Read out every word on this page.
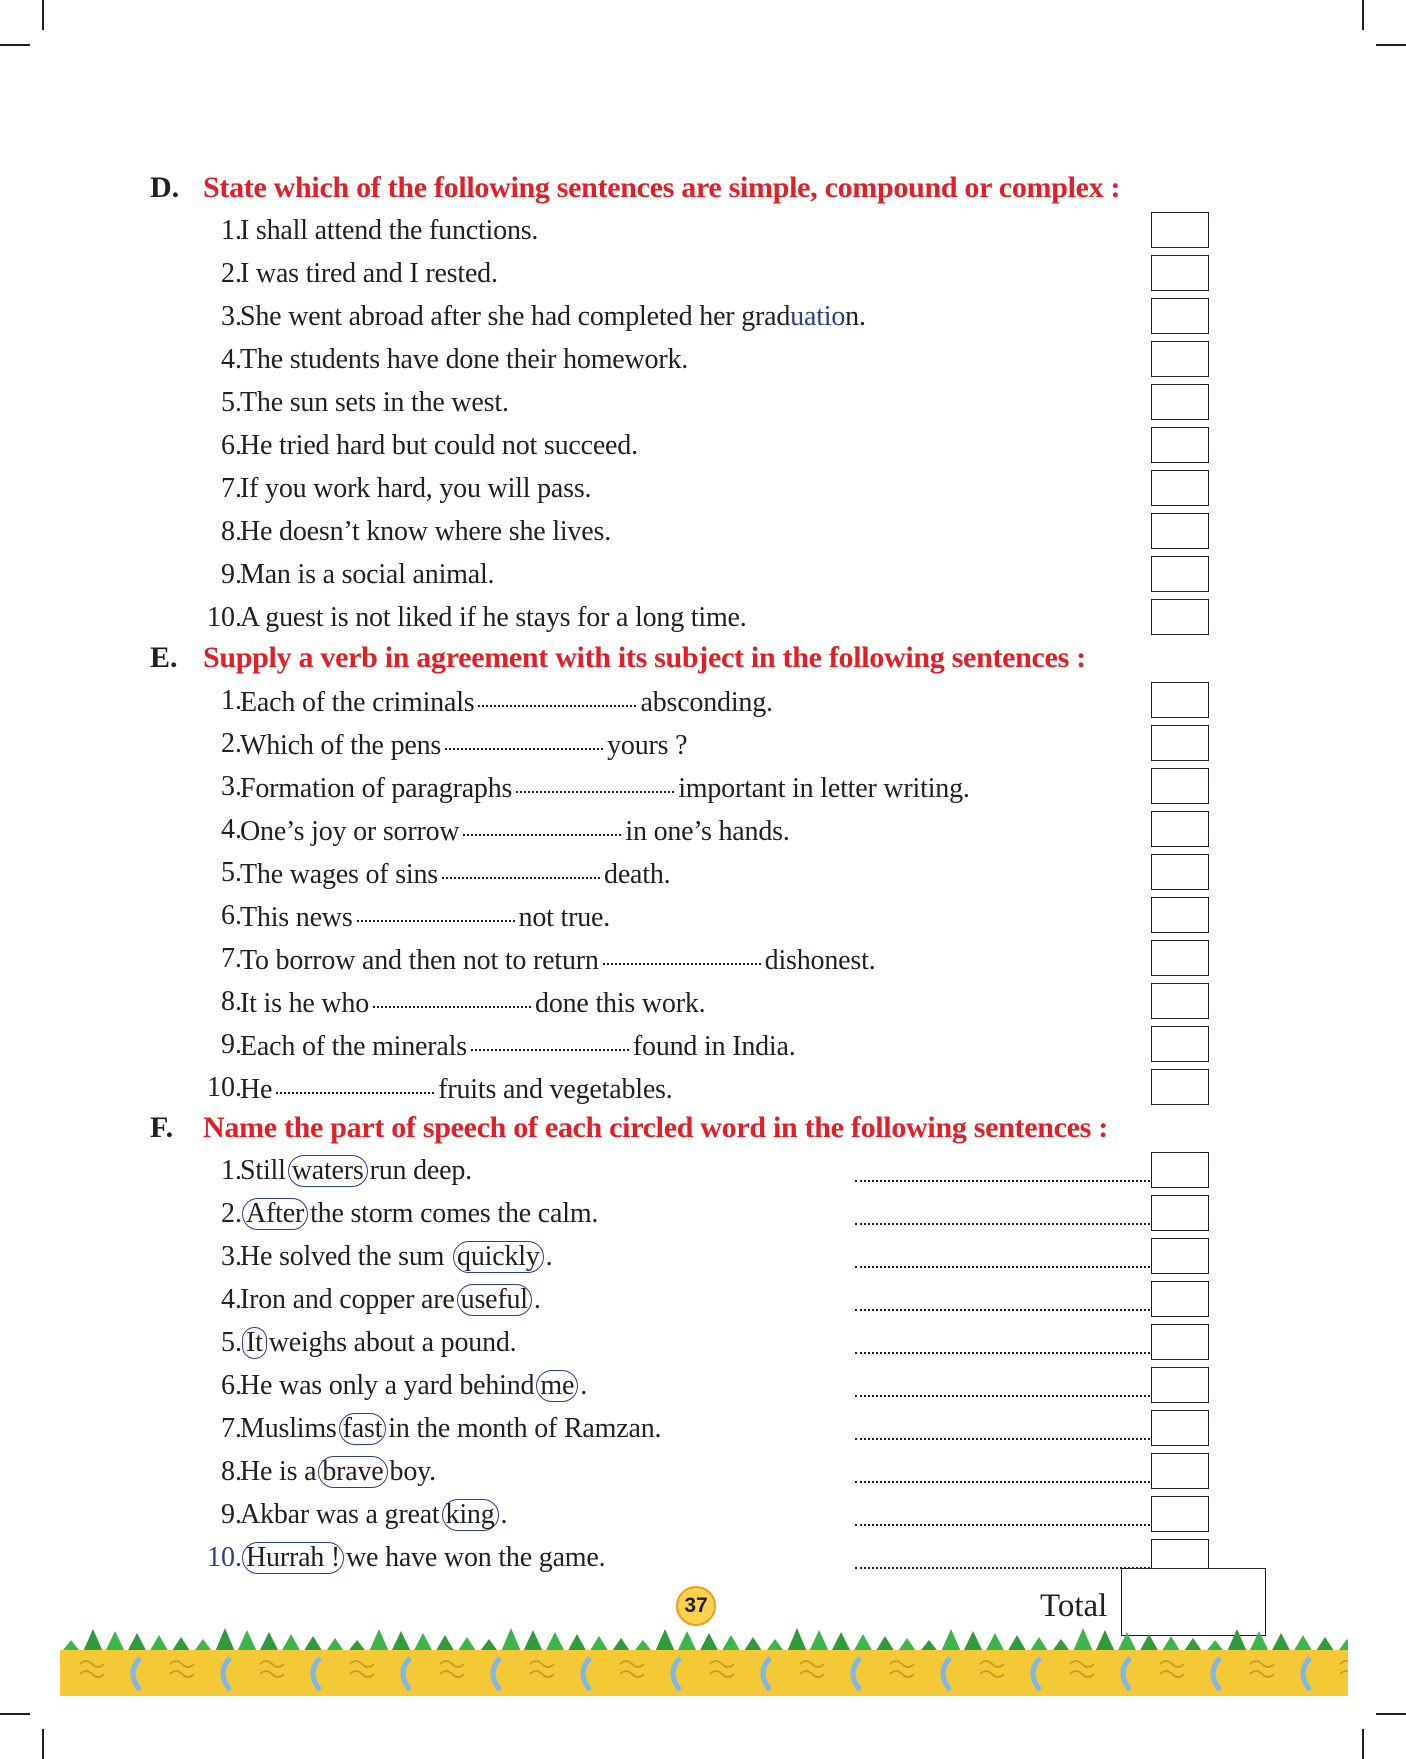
D. State which of the following sentences are simple, compound or complex :
1.
I shall attend the functions.
2.
I was tired and I rested.
3.
She went abroad after she had completed her graduation.
4.
The students have done their homework.
5.
The sun sets in the west.
6.
He tried hard but could not succeed.
7.
If you work hard, you will pass.
8.
He doesn’t know where she lives.
9.
Man is a social animal.
10.
A guest is not liked if he stays for a long time.
E. Supply a verb in agreement with its subject in the following sentences :
1.
Each of the criminals	absconding.
2.
Which of the pens	yours ?
3.
Formation of paragraphs	important in letter writing.
4.
One’s joy or sorrow	in one’s hands.
5.
The wages of sins	death.
6.
This news	not true.
7.
To borrow and then not to return	dishonest.
8.
It is he who	done this work.
9.
Each of the minerals	found in India.
10.
He	fruits and vegetables.
F. Name the part of speech of each circled word in the following sentences :
1.
Still waters run deep.
2. After the storm comes the calm.
3.
He solved the sum quickly .
4.
Iron and copper are useful .
5. It weighs about a pound.
6.
He was only a yard behind me .
7.
Muslims fast in the month of Ramzan.
8.
He is a brave boy.
9.
Akbar was a great king .
10. Hurrah ! we have won the game.
Total
37
